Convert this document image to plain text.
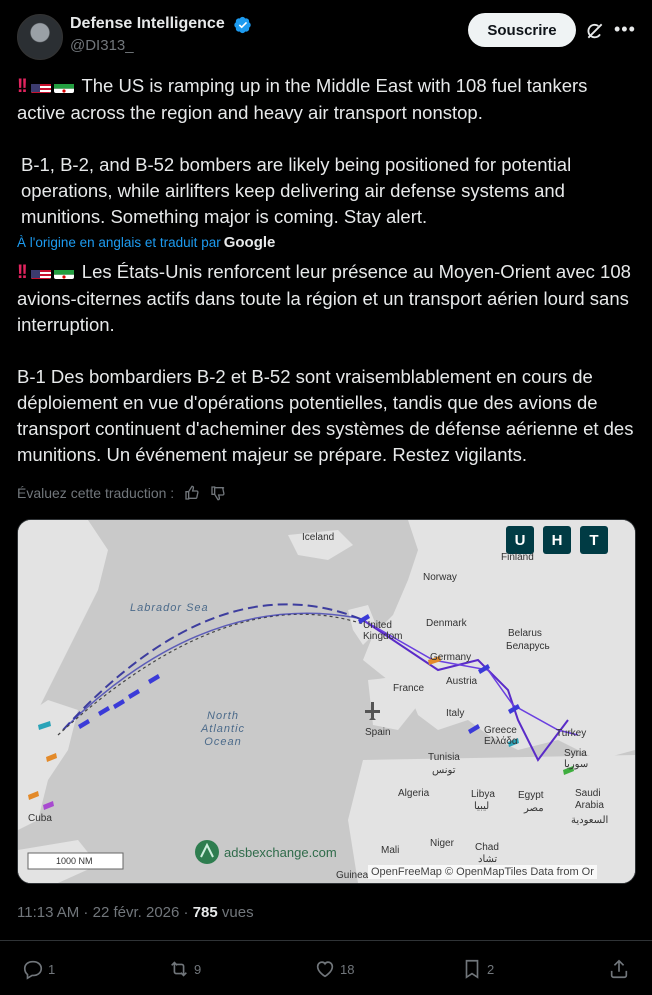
Defense Intelligence
@DI313_
Souscrire	•••
!!	The US is ramping up in the Middle East with 108 fuel tankers active across the region and heavy air transport nonstop.
B-1, B-2, and B-52 bombers are likely being positioned for potential operations, while airlifters keep delivering air defense systems and munitions. Something major is coming. Stay alert.
À l'origine en anglais et traduit par Google
!!	Les États-Unis renforcent leur présence au Moyen-Orient avec 108 avions-citernes actifs dans toute la région et un transport aérien lourd sans interruption.
B-1 Des bombardiers B-2 et B-52 sont vraisemblablement en cours de déploiement en vue d'opérations potentielles, tandis que des avions de transport continuent d'acheminer des systèmes de défense aérienne et des munitions. Un événement majeur se prépare. Restez vigilants.
Évaluez cette traduction :
U	H	T
Labrador Sea
North Atlantic Ocean
Iceland
Finland
Norway
United Kingdom
Denmark
Belarus
Беларусь
Germany
France
Austria
Italy
Spain	Greece
Ελλάδα
Turkey
Syria
سوريا
Tunisia
تونس
Algeria	Libya
ليبيا
Egypt
مصر
Saudi Arabia
السعودية
Mali
Niger Chad
تشاد
Cuba
Guinea
1000 NM
adsbexchange.com
OpenFreeMap © OpenMapTiles Data from Or
11:13 AM · 22 févr. 2026 · 785 vues
1	9	18	2
